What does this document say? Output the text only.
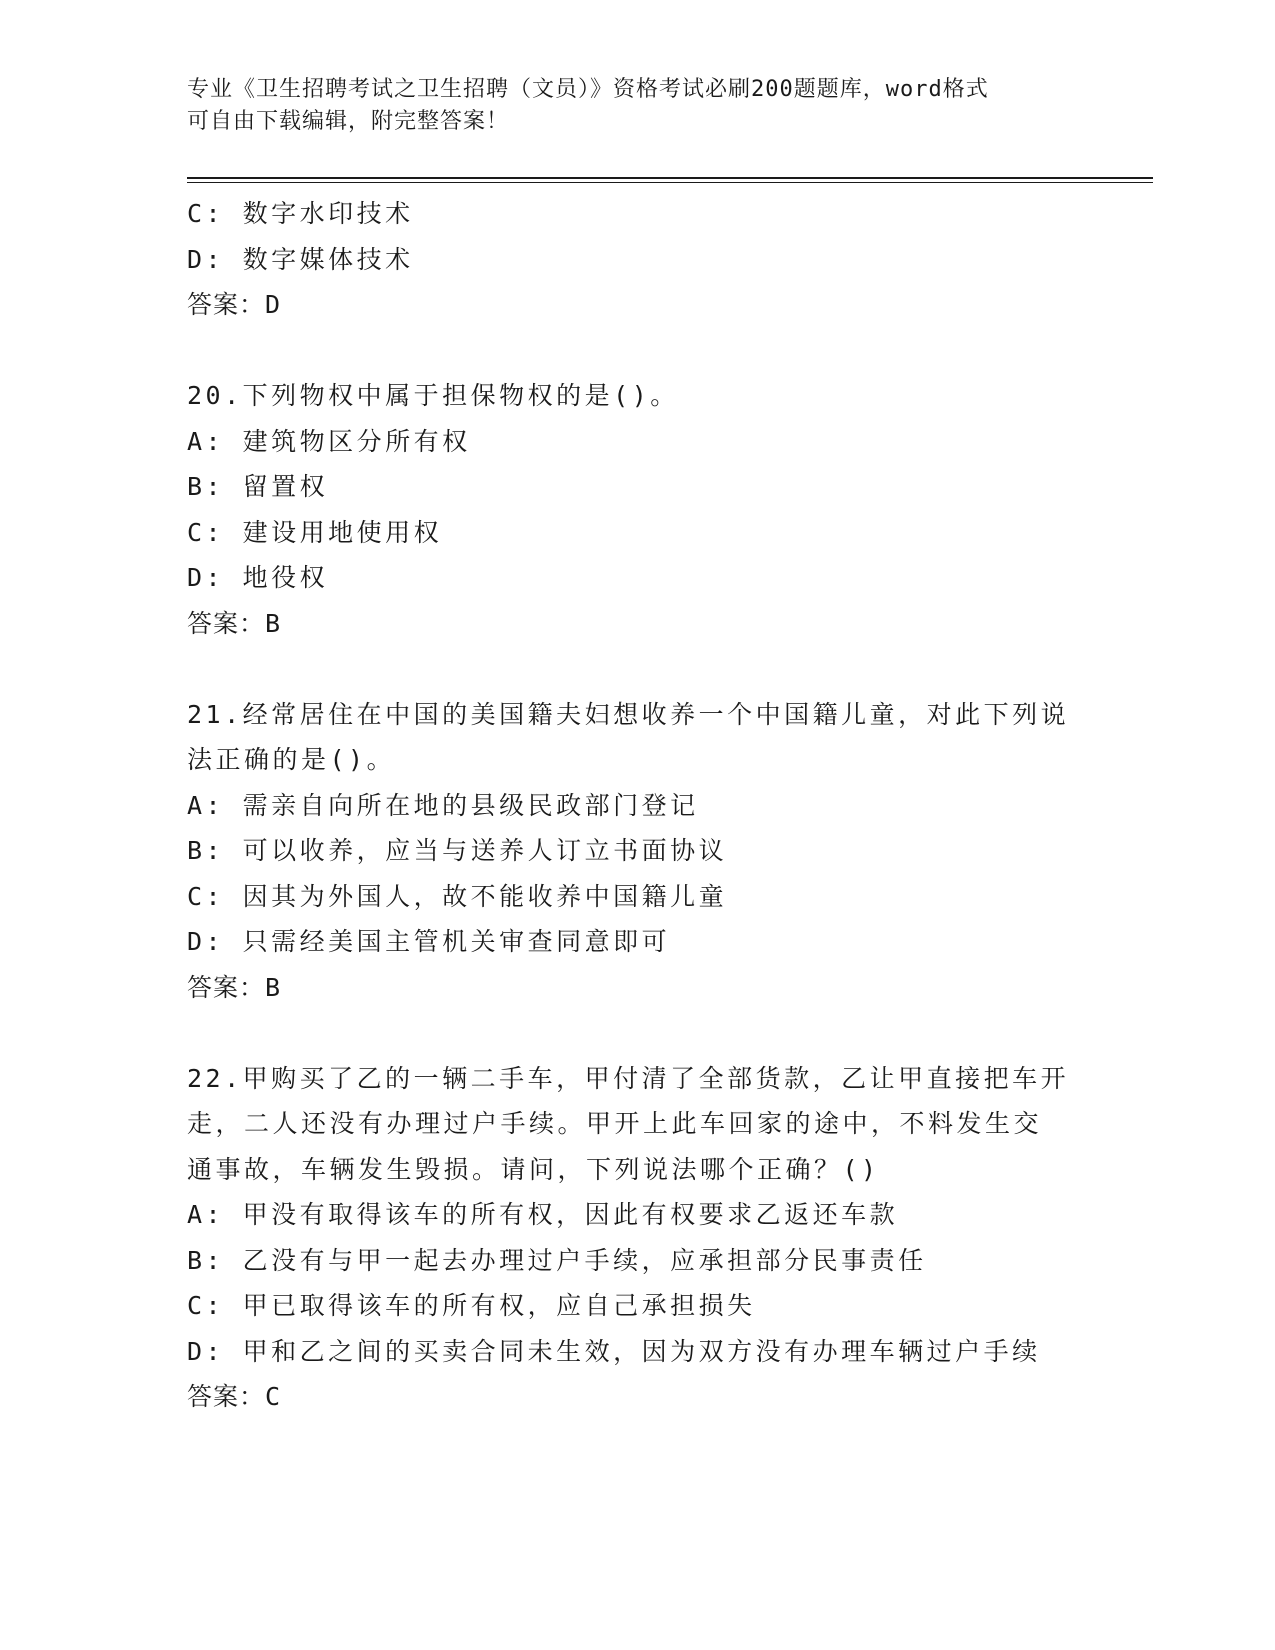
专业《卫生招聘考试之卫生招聘（文员）》资格考试必刷200题题库，word格式
可自由下载编辑，附完整答案！
C: 数字水印技术
D: 数字媒体技术
答案：D
20.下列物权中属于担保物权的是()。
A: 建筑物区分所有权
B: 留置权
C: 建设用地使用权
D: 地役权
答案：B
21.经常居住在中国的美国籍夫妇想收养一个中国籍儿童，对此下列说
法正确的是()。
A: 需亲自向所在地的县级民政部门登记
B: 可以收养，应当与送养人订立书面协议
C: 因其为外国人，故不能收养中国籍儿童
D: 只需经美国主管机关审查同意即可
答案：B
22.甲购买了乙的一辆二手车，甲付清了全部货款，乙让甲直接把车开
走，二人还没有办理过户手续。甲开上此车回家的途中，不料发生交
通事故，车辆发生毁损。请问，下列说法哪个正确？()
A: 甲没有取得该车的所有权，因此有权要求乙返还车款
B: 乙没有与甲一起去办理过户手续，应承担部分民事责任
C: 甲已取得该车的所有权，应自己承担损失
D: 甲和乙之间的买卖合同未生效，因为双方没有办理车辆过户手续
答案：C
